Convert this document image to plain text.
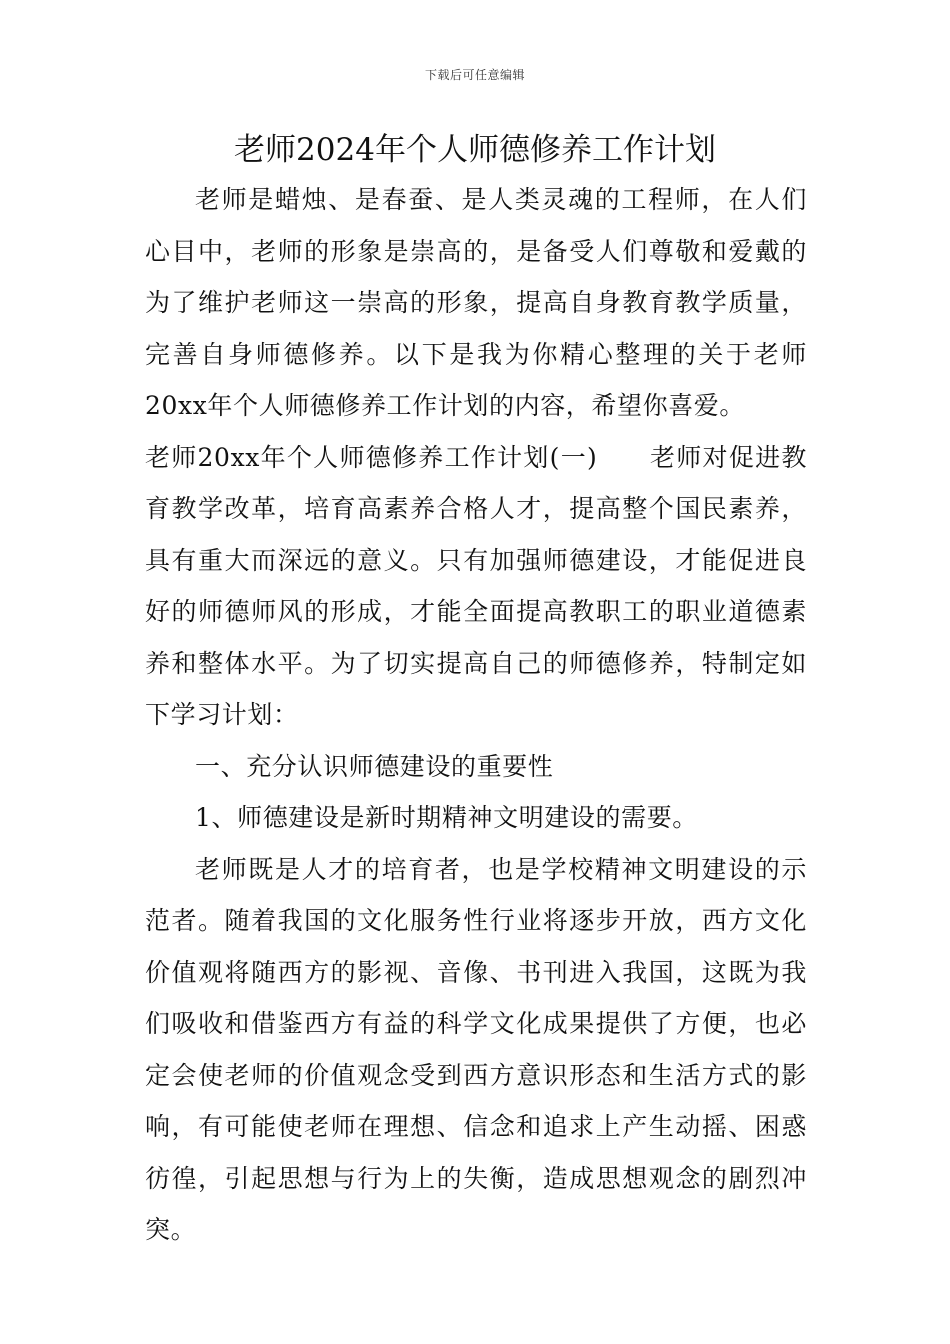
下载后可任意编辑
老师2024年个人师德修养工作计划

老师是蜡烛、是春蚕、是人类灵魂的工程师，在人们心目中，老师的形象是崇高的，是备受人们尊敬和爱戴的为了维护老师这一崇高的形象，提高自身教育教学质量，完善自身师德修养。以下是我为你精心整理的关于老师20xx年个人师德修养工作计划的内容，希望你喜爱。

老师20xx年个人师德修养工作计划(一) 老师对促进教育教学改革，培育高素养合格人才，提高整个国民素养，具有重大而深远的意义。只有加强师德建设，才能促进良好的师德师风的形成，才能全面提高教职工的职业道德素养和整体水平。为了切实提高自己的师德修养，特制定如下学习计划：

一、充分认识师德建设的重要性

1、师德建设是新时期精神文明建设的需要。

老师既是人才的培育者，也是学校精神文明建设的示范者。随着我国的文化服务性行业将逐步开放，西方文化价值观将随西方的影视、音像、书刊进入我国，这既为我们吸收和借鉴西方有益的科学文化成果提供了方便，也必定会使老师的价值观念受到西方意识形态和生活方式的影响，有可能使老师在理想、信念和追求上产生动摇、困惑彷徨，引起思想与行为上的失衡，造成思想观念的剧烈冲突。
